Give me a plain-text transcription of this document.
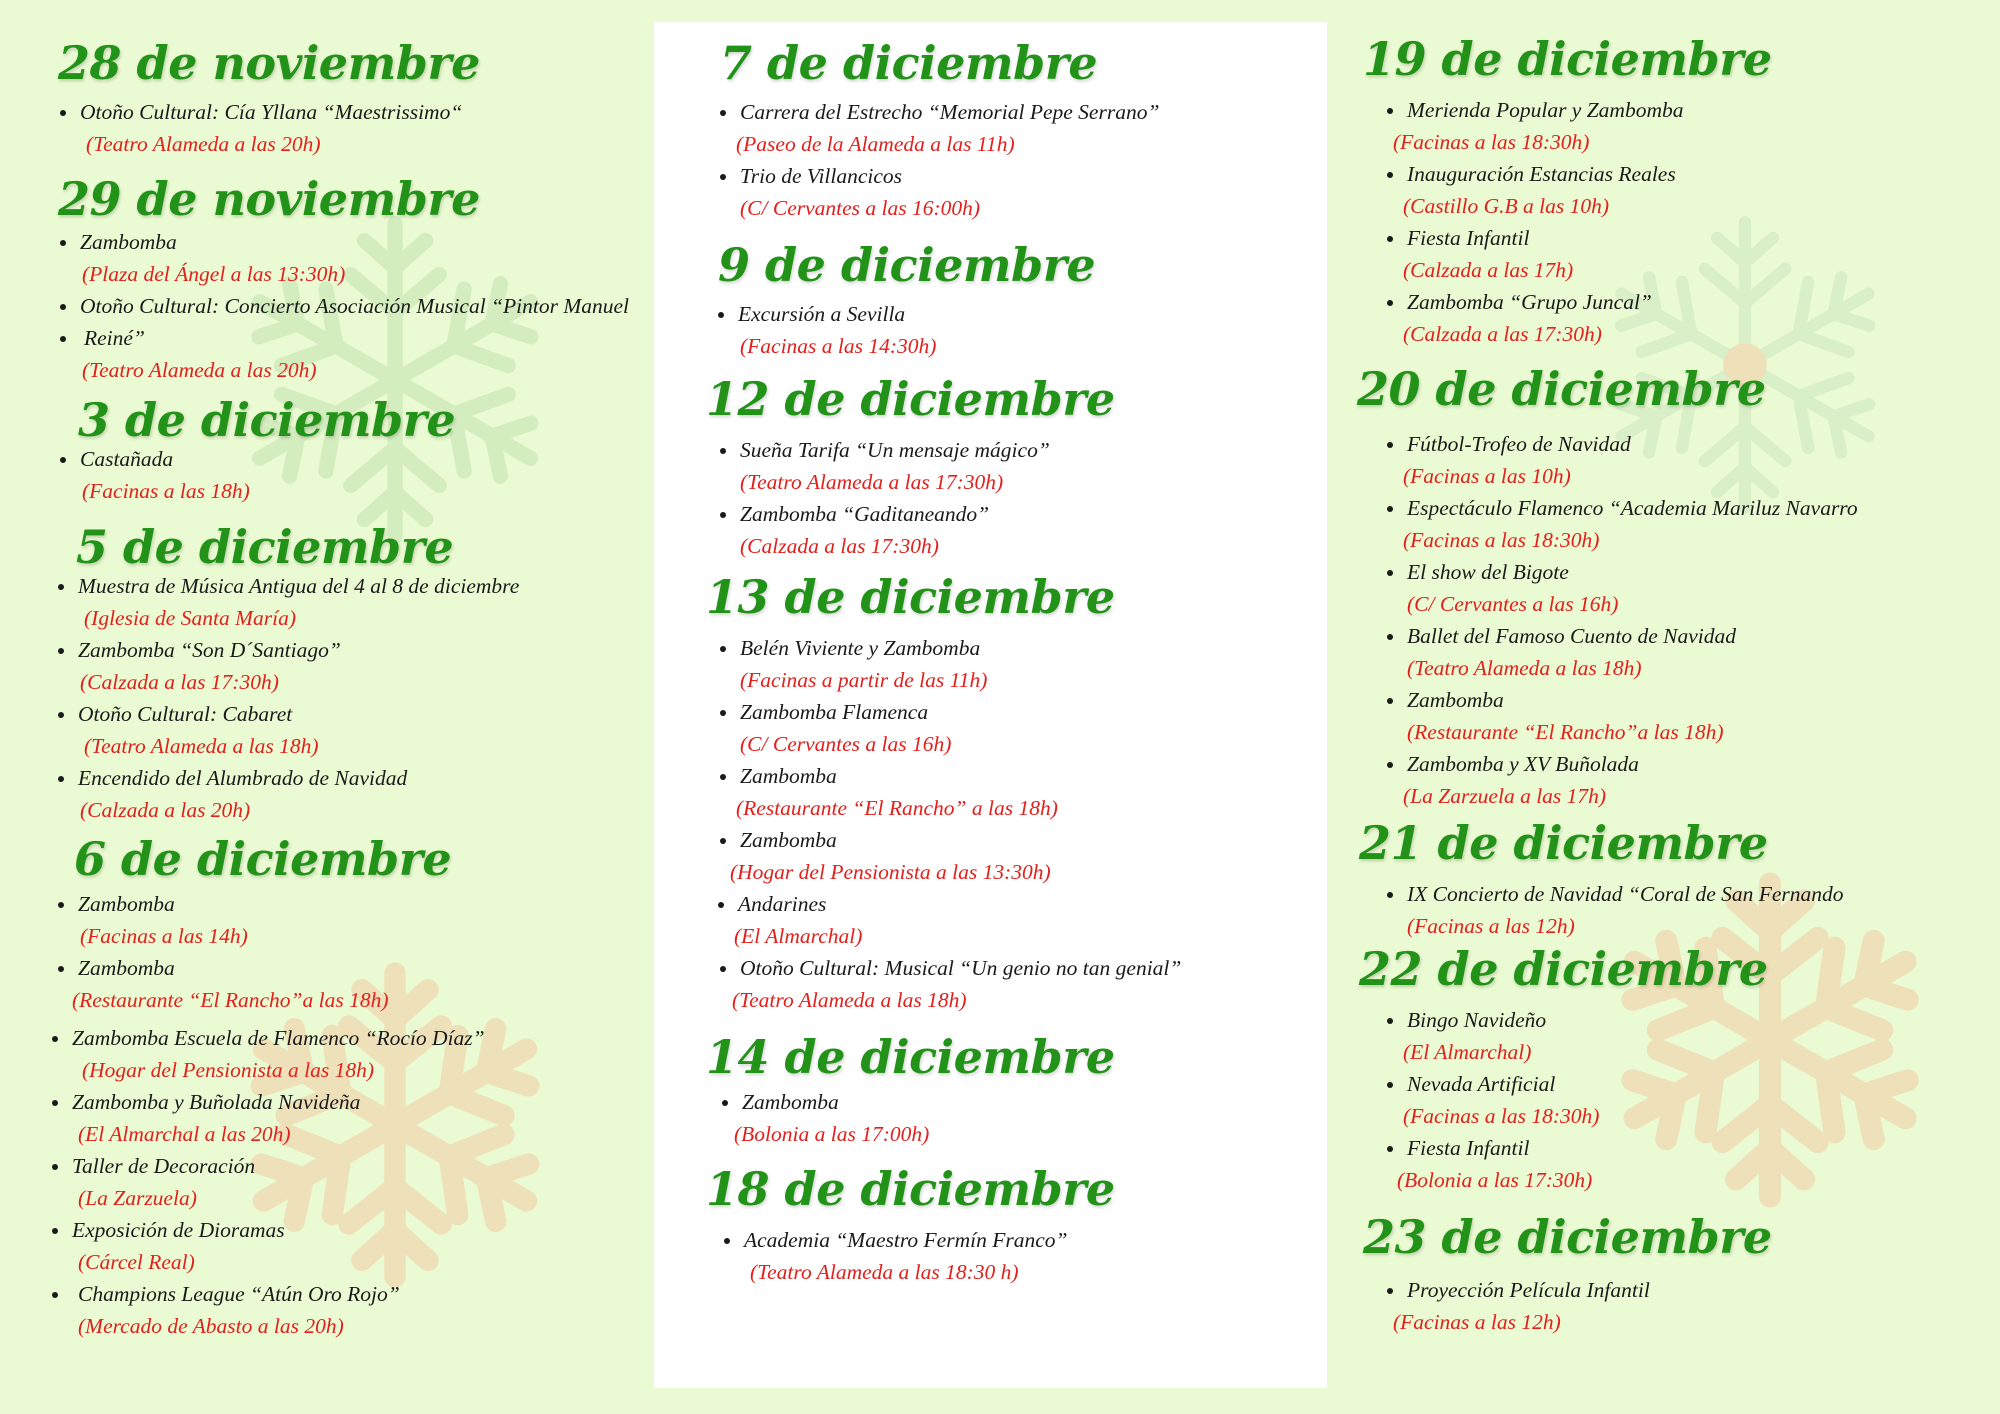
28 de noviembre
Otoño Cultural: Cía Yllana “Maestrissimo“
(Teatro Alameda a las 20h)
29 de noviembre
Zambomba
(Plaza del Ángel a las 13:30h)
Otoño Cultural: Concierto Asociación Musical “Pintor Manuel
Reiné”
(Teatro Alameda a las 20h)
3 de diciembre
Castañada
(Facinas a las 18h)
5 de diciembre
Muestra de Música Antigua del 4 al 8 de diciembre
(Iglesia de Santa María)
Zambomba “Son D´Santiago”
(Calzada a las 17:30h)
Otoño Cultural: Cabaret
(Teatro Alameda a las 18h)
Encendido del Alumbrado de Navidad
(Calzada a las 20h)
6 de diciembre
Zambomba
(Facinas a las 14h)
Zambomba
(Restaurante “El Rancho”a las 18h)
Zambomba Escuela de Flamenco “Rocío Díaz”
(Hogar del Pensionista a las 18h)
Zambomba y Buñolada Navideña
(El Almarchal a las 20h)
Taller de Decoración
(La Zarzuela)
Exposición de Dioramas
(Cárcel Real)
Champions League “Atún Oro Rojo”
(Mercado de Abasto a las 20h)
7 de diciembre
Carrera del Estrecho “Memorial Pepe Serrano”
(Paseo de la Alameda a las 11h)
Trio de Villancicos
(C/ Cervantes a las 16:00h)
9 de diciembre
Excursión a Sevilla
(Facinas a las 14:30h)
12 de diciembre
Sueña Tarifa “Un mensaje mágico”
(Teatro Alameda a las 17:30h)
Zambomba “Gaditaneando”
(Calzada a las 17:30h)
13 de diciembre
Belén Viviente y Zambomba
(Facinas a partir de las 11h)
Zambomba Flamenca
(C/ Cervantes a las 16h)
Zambomba
(Restaurante “El Rancho” a las 18h)
Zambomba
(Hogar del Pensionista a las 13:30h)
Andarines
(El Almarchal)
Otoño Cultural: Musical “Un genio no tan genial”
(Teatro Alameda a las 18h)
14 de diciembre
Zambomba
(Bolonia a las 17:00h)
18 de diciembre
Academia “Maestro Fermín Franco”
(Teatro Alameda a las 18:30 h)
19 de diciembre
Merienda Popular y Zambomba
(Facinas a las 18:30h)
Inauguración Estancias Reales
(Castillo G.B a las 10h)
Fiesta Infantil
(Calzada a las 17h)
Zambomba “Grupo Juncal”
(Calzada a las 17:30h)
20 de diciembre
Fútbol-Trofeo de Navidad
(Facinas a las 10h)
Espectáculo Flamenco “Academia Mariluz Navarro
(Facinas a las 18:30h)
El show del Bigote
(C/ Cervantes a las 16h)
Ballet del Famoso Cuento de Navidad
(Teatro Alameda a las 18h)
Zambomba
(Restaurante “El Rancho”a las 18h)
Zambomba y XV Buñolada
(La Zarzuela a las 17h)
21 de diciembre
IX Concierto de Navidad “Coral de San Fernando
(Facinas a las 12h)
22 de diciembre
Bingo Navideño
(El Almarchal)
Nevada Artificial
(Facinas a las 18:30h)
Fiesta Infantil
(Bolonia a las 17:30h)
23 de diciembre
Proyección Película Infantil
(Facinas a las 12h)
